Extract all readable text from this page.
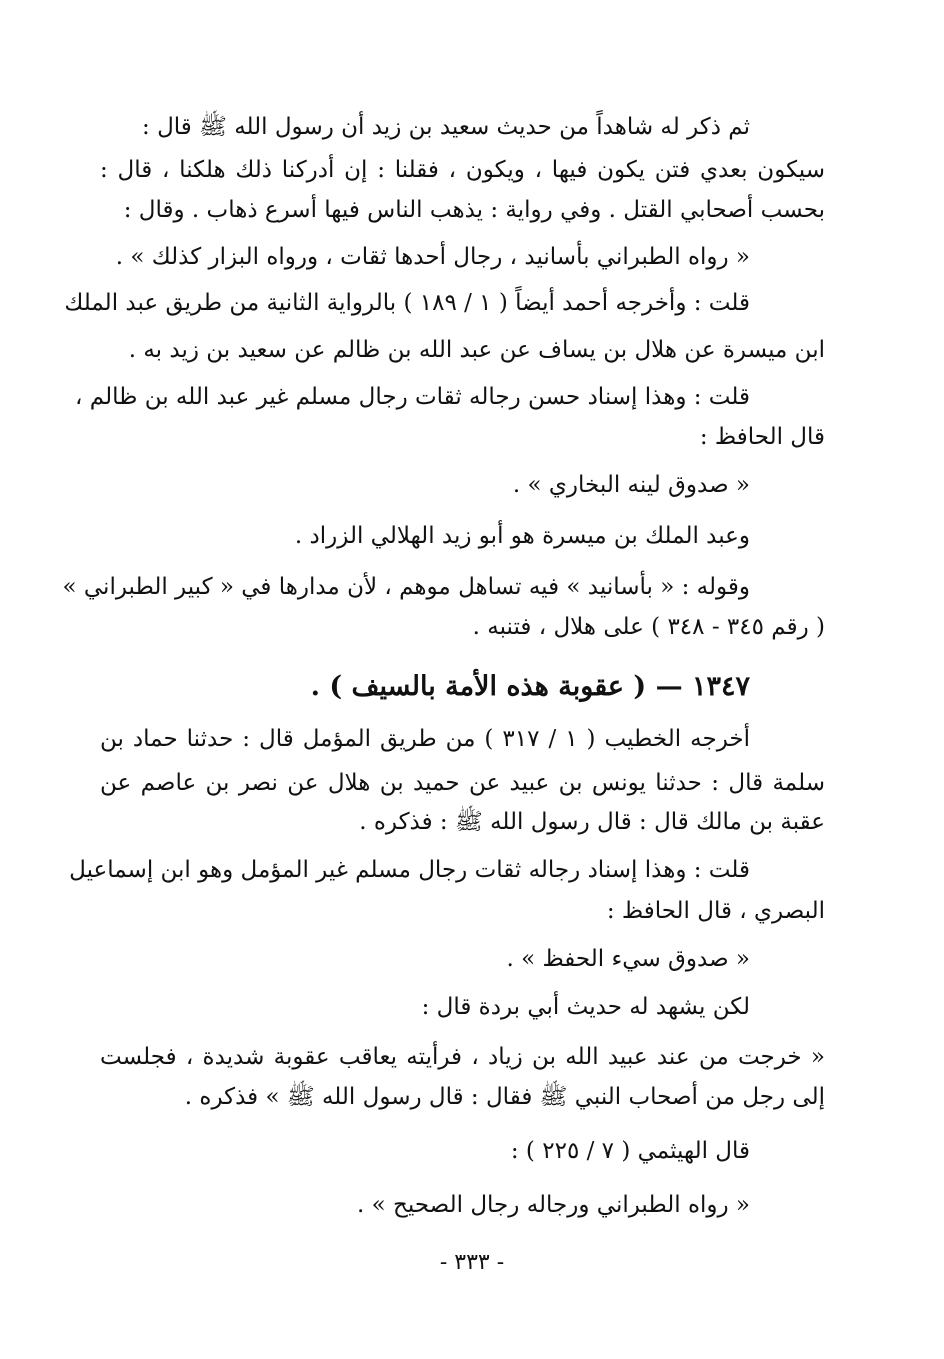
ثم ذكر له شاهداً من حديث سعيد بن زيد أن رسول الله ﷺ قال :
سيكون بعدي فتن يكون فيها ، ويكون ، فقلنا : إن أدركنا ذلك هلكنا ، قال :
بحسب أصحابي القتل . وفي رواية : يذهب الناس فيها أسرع ذهاب . وقال :
« رواه الطبراني بأسانيد ، رجال أحدها ثقات ، ورواه البزار كذلك » .
قلت : وأخرجه أحمد أيضاً ( ١ / ١٨٩ ) بالرواية الثانية من طريق عبد الملك
ابن ميسرة عن هلال بن يساف عن عبد الله بن ظالم عن سعيد بن زيد به .
قلت : وهذا إسناد حسن رجاله ثقات رجال مسلم غير عبد الله بن ظالم ،
قال الحافظ :
« صدوق لينه البخاري » .
وعبد الملك بن ميسرة هو أبو زيد الهلالي الزراد .
وقوله : « بأسانيد » فيه تساهل موهم ، لأن مدارها في « كبير الطبراني »
( رقم ٣٤٥ - ٣٤٨ ) على هلال ، فتنبه .
١٣٤٧ — ( عقوبة هذه الأمة بالسيف ) .
أخرجه الخطيب ( ١ / ٣١٧ ) من طريق المؤمل قال : حدثنا حماد بن
سلمة قال : حدثنا يونس بن عبيد عن حميد بن هلال عن نصر بن عاصم عن
عقبة بن مالك قال : قال رسول الله ﷺ : فذكره .
قلت : وهذا إسناد رجاله ثقات رجال مسلم غير المؤمل وهو ابن إسماعيل
البصري ، قال الحافظ :
« صدوق سيء الحفظ » .
لكن يشهد له حديث أبي بردة قال :
« خرجت من عند عبيد الله بن زياد ، فرأيته يعاقب عقوبة شديدة ، فجلست
إلى رجل من أصحاب النبي ﷺ فقال : قال رسول الله ﷺ » فذكره .
قال الهيثمي ( ٧ / ٢٢٥ ) :
« رواه الطبراني ورجاله رجال الصحيح » .
- ٣٣٣ -
